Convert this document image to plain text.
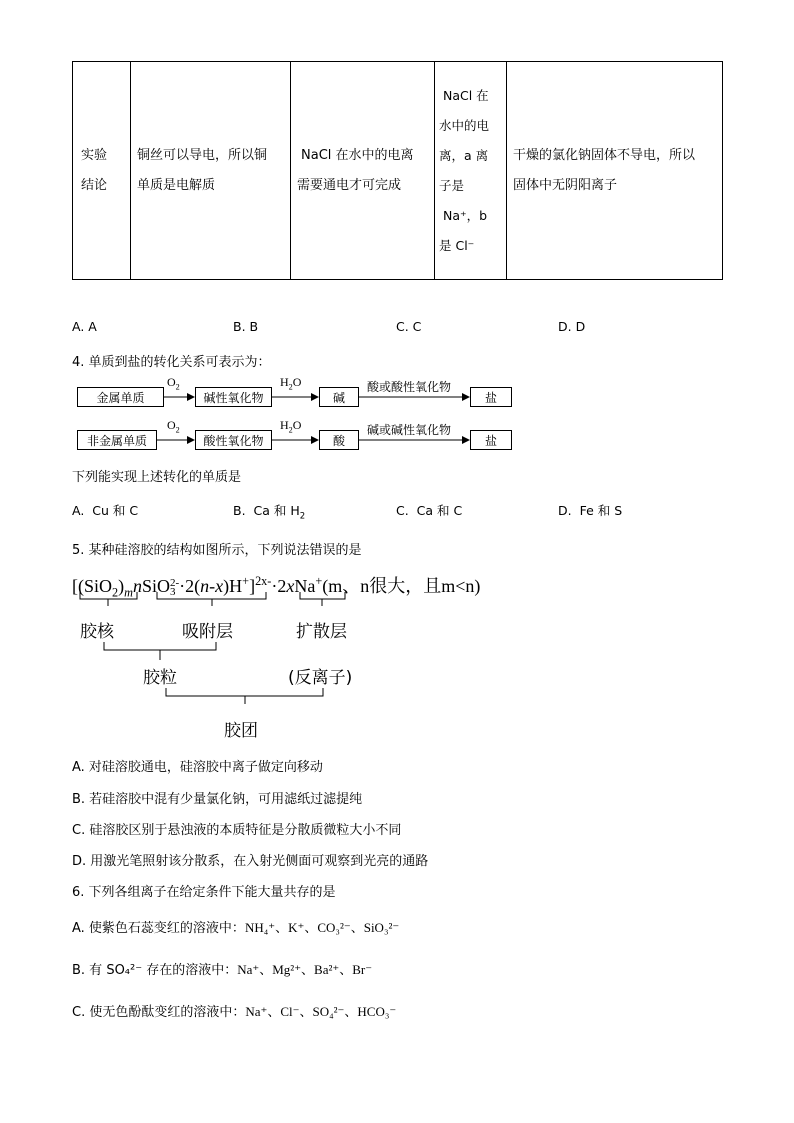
实验
结论

铜丝可以导电，所以铜
单质是电解质

NaCl 在水中的电离
需要通电才可完成

NaCl 在
水中的电
离，a 离
子是
Na⁺，b
是 Cl⁻

干燥的氯化钠固体不导电，所以
固体中无阴阳离子
A. A	B. B	C. C	D. D
4. 单质到盐的转化关系可表示为：
金属单质	碱性氧化物	碱	盐
$O_2$	$H_2O$	酸或酸性氧化物
非金属单质	酸性氧化物	酸	盐
$O_2$	$H_2O$	碱或碱性氧化物
下列能实现上述转化的单质是
A. Cu 和 C	B. Ca 和 $H_2$	C. Ca 和 C	D. Fe 和 S
5. 某种硅溶胶的结构如图所示，下列说法错误的是
[$(SiO_2)_mnSiO$ 2-
3 ·2(n-x)H+]$^{2x-}$·2xNa+(m、n很大，且m<n)
胶核	吸附层	扩散层
胶粒	(反离子)
胶团
A. 对硅溶胶通电，硅溶胶中离子做定向移动
B. 若硅溶胶中混有少量氯化钠，可用滤纸过滤提纯
C. 硅溶胶区别于悬浊液的本质特征是分散质微粒大小不同
D. 用激光笔照射该分散系，在入射光侧面可观察到光亮的通路
6. 下列各组离子在给定条件下能大量共存的是
A. 使紫色石蕊变红的溶液中：NH₄⁺、K⁺、CO₃²⁻、SiO₃²⁻
B. 有 SO₄²⁻ 存在的溶液中：Na⁺、Mg²⁺、Ba²⁺、Br⁻
C. 使无色酚酞变红的溶液中：Na⁺、Cl⁻、SO₄²⁻、HCO₃⁻
